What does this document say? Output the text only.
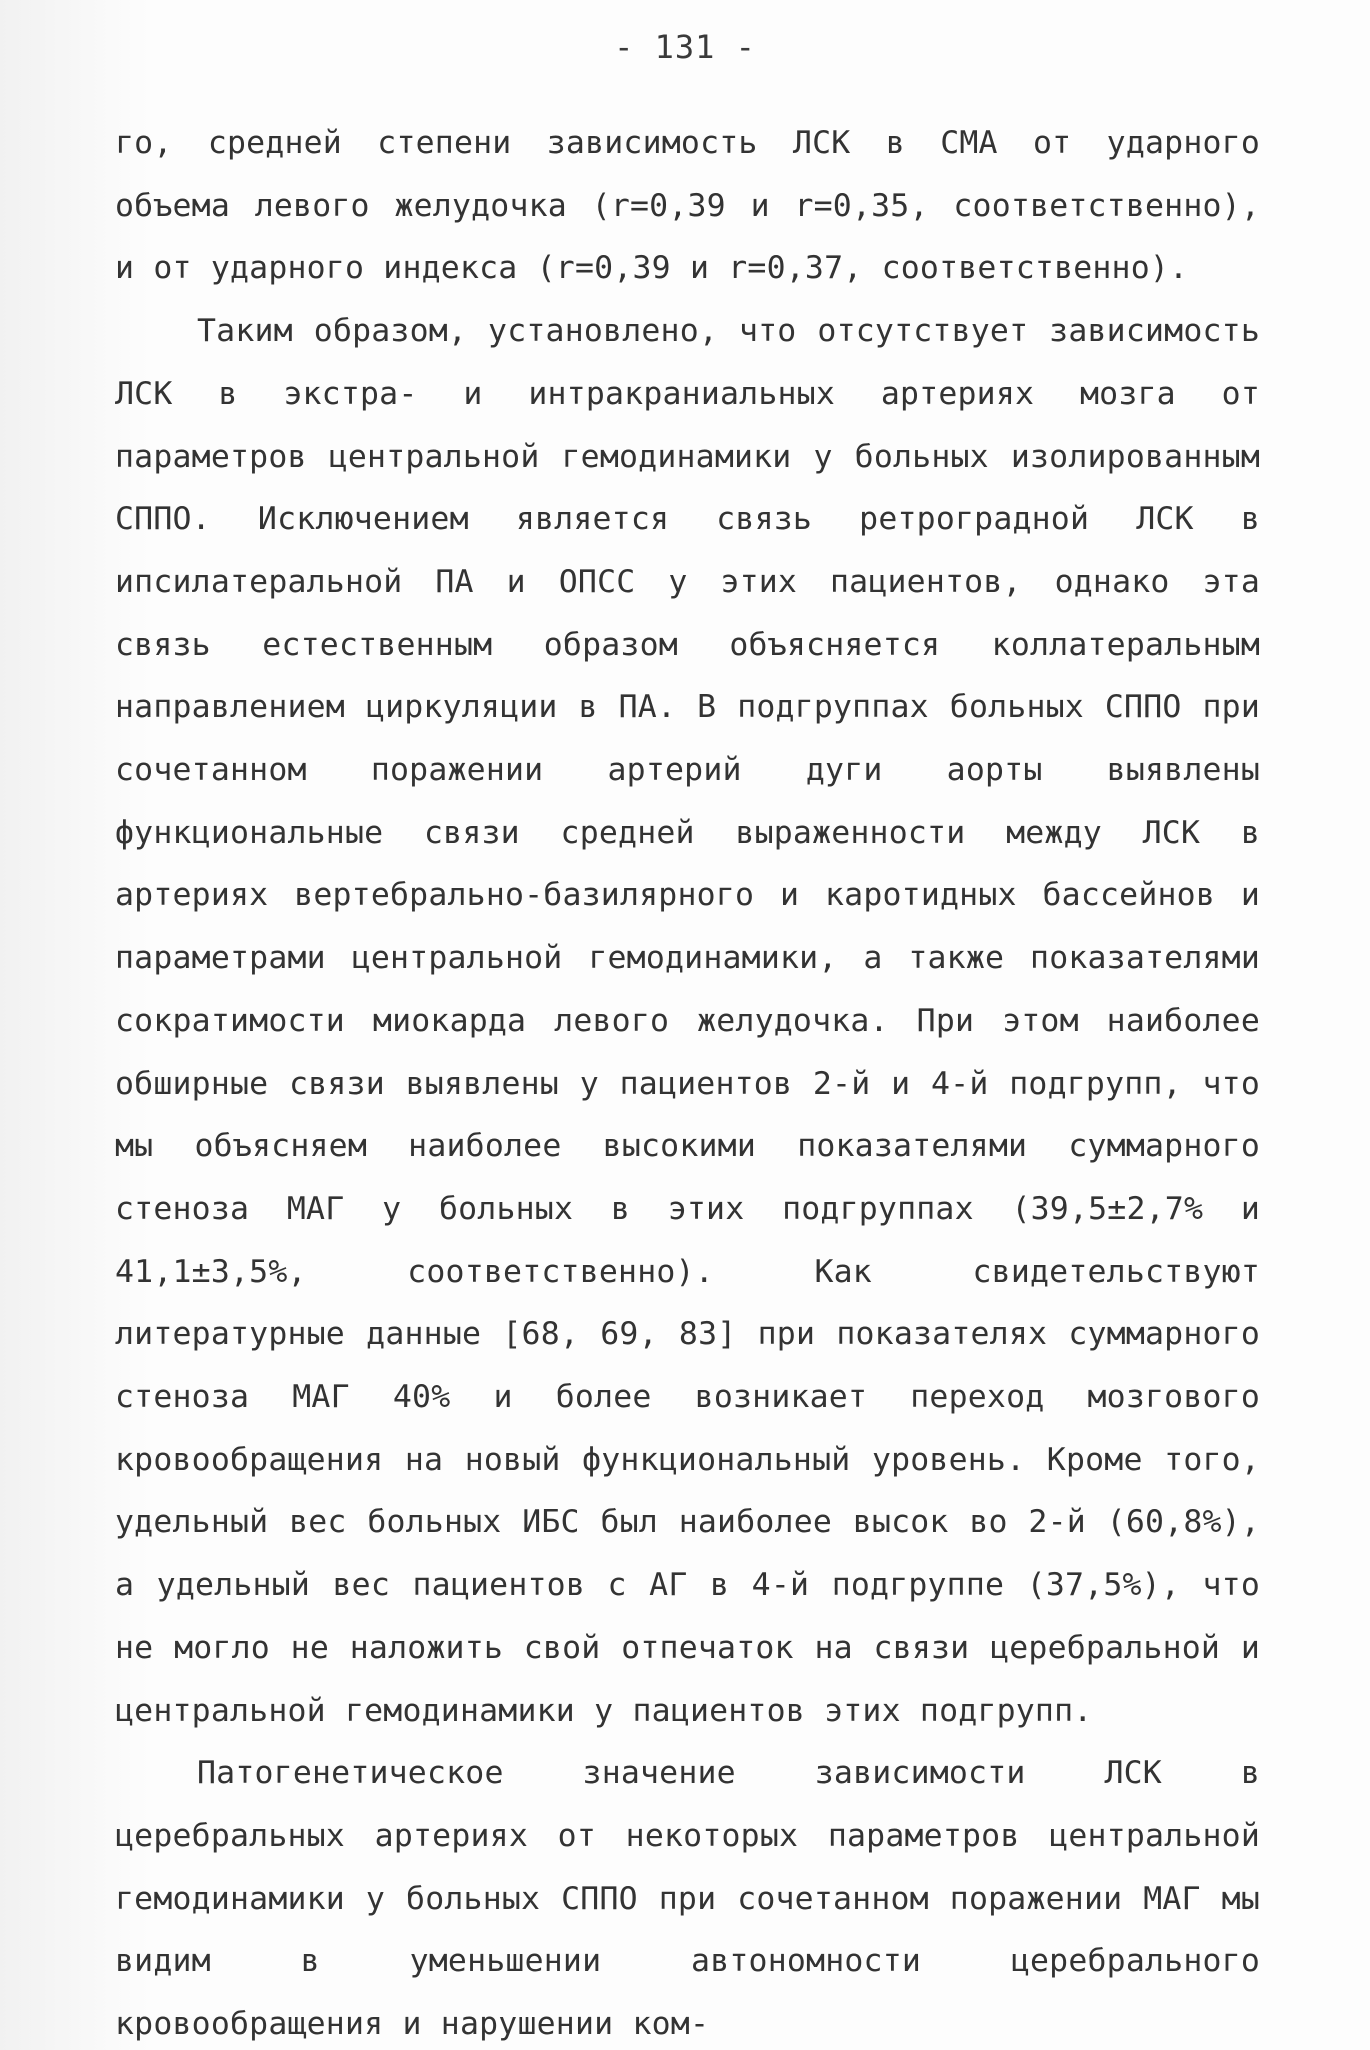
- 131 -

го, средней степени зависимость ЛСК в СМА от ударного объема левого желудочка (r=0,39 и r=0,35, соответственно), и от ударного индекса (r=0,39 и r=0,37, соответственно).

Таким образом, установлено, что отсутствует зависимость ЛСК в экстра- и интракраниальных артериях мозга от параметров центральной гемодинамики у больных изолированным СППО. Исключением является связь ретроградной ЛСК в ипсилатеральной ПА и ОПСС у этих пациентов, однако эта связь естественным образом объясняется коллатеральным направлением циркуляции в ПА. В подгруппах больных СППО при сочетанном поражении артерий дуги аорты выявлены функциональные связи средней выраженности между ЛСК в артериях вертебрально-базилярного и каротидных бассейнов и параметрами центральной гемодинамики, а также показателями сократимости миокарда левого желудочка. При этом наиболее обширные связи выявлены у пациентов 2-й и 4-й подгрупп, что мы объясняем наиболее высокими показателями суммарного стеноза МАГ у больных в этих подгруппах (39,5±2,7% и 41,1±3,5%, соответственно). Как свидетельствуют литературные данные [68, 69, 83] при показателях суммарного стеноза МАГ 40% и более возникает переход мозгового кровообращения на новый функциональный уровень. Кроме того, удельный вес больных ИБС был наиболее высок во 2-й (60,8%), а удельный вес пациентов с АГ в 4-й подгруппе (37,5%), что не могло не наложить свой отпечаток на связи церебральной и центральной гемодинамики у пациентов этих подгрупп.

Патогенетическое значение зависимости ЛСК в церебральных артериях от некоторых параметров центральной гемодинамики у больных СППО при сочетанном поражении МАГ мы видим в уменьшении автономности церебрального кровообращения и нарушении ком-
